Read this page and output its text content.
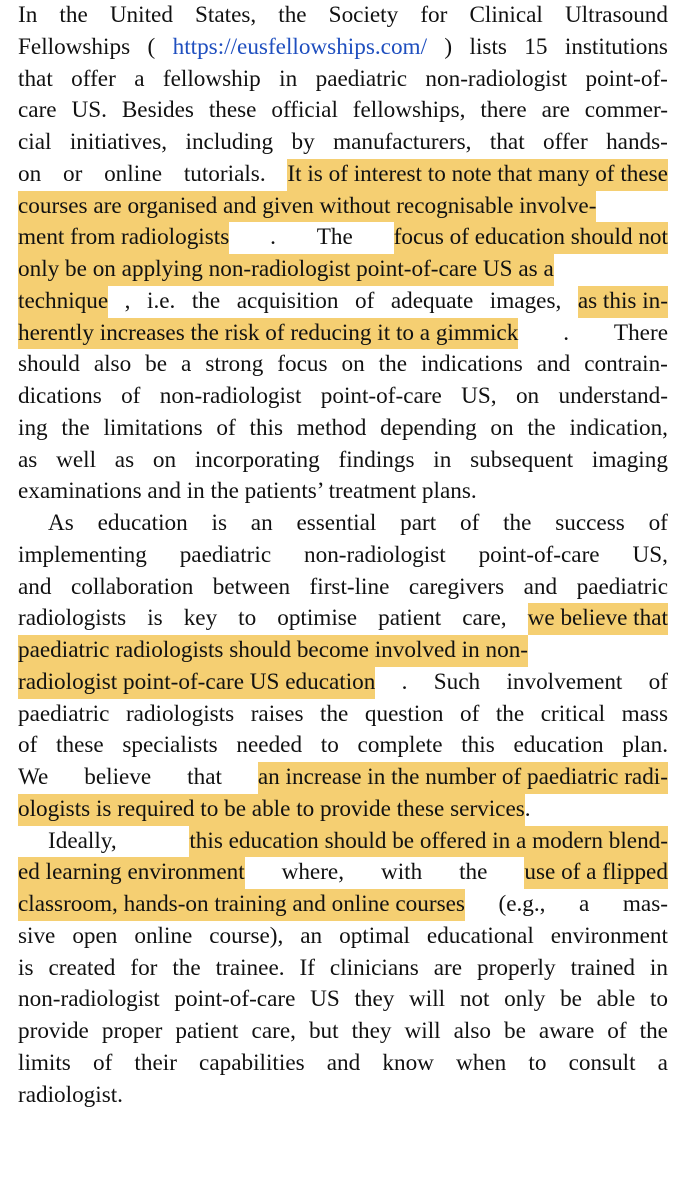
In the United States, the Society for Clinical Ultrasound
Fellowships ( https://eusfellowships.com/ ) lists 15 institutions
that offer a fellowship in paediatric non-radiologist point-of-
care US. Besides these official fellowships, there are commer-
cial initiatives, including by manufacturers, that offer hands-
on or online tutorials. It is of interest to note that many of these
courses are organised and given without recognisable involve-
ment from radiologists . The focus of education should not
only be on applying non-radiologist point-of-care US as a
technique , i.e. the acquisition of adequate images, as this in-
herently increases the risk of reducing it to a gimmick . There
should also be a strong focus on the indications and contrain-
dications of non-radiologist point-of-care US, on understand-
ing the limitations of this method depending on the indication,
as well as on incorporating findings in subsequent imaging
examinations and in the patients’ treatment plans.
As education is an essential part of the success of
implementing paediatric non-radiologist point-of-care US,
and collaboration between first-line caregivers and paediatric
radiologists is key to optimise patient care, we believe that
paediatric radiologists should become involved in non-
radiologist point-of-care US education . Such involvement of
paediatric radiologists raises the question of the critical mass
of these specialists needed to complete this education plan.
We believe that an increase in the number of paediatric radi-
ologists is required to be able to provide these services .
Ideally,	this education should be offered in a modern blend-
ed learning environment where, with the use of a flipped
classroom, hands-on training and online courses (e.g., a mas-
sive open online course), an optimal educational environment
is created for the trainee. If clinicians are properly trained in
non-radiologist point-of-care US they will not only be able to
provide proper patient care, but they will also be aware of the
limits of their capabilities and know when to consult a
radiologist.
